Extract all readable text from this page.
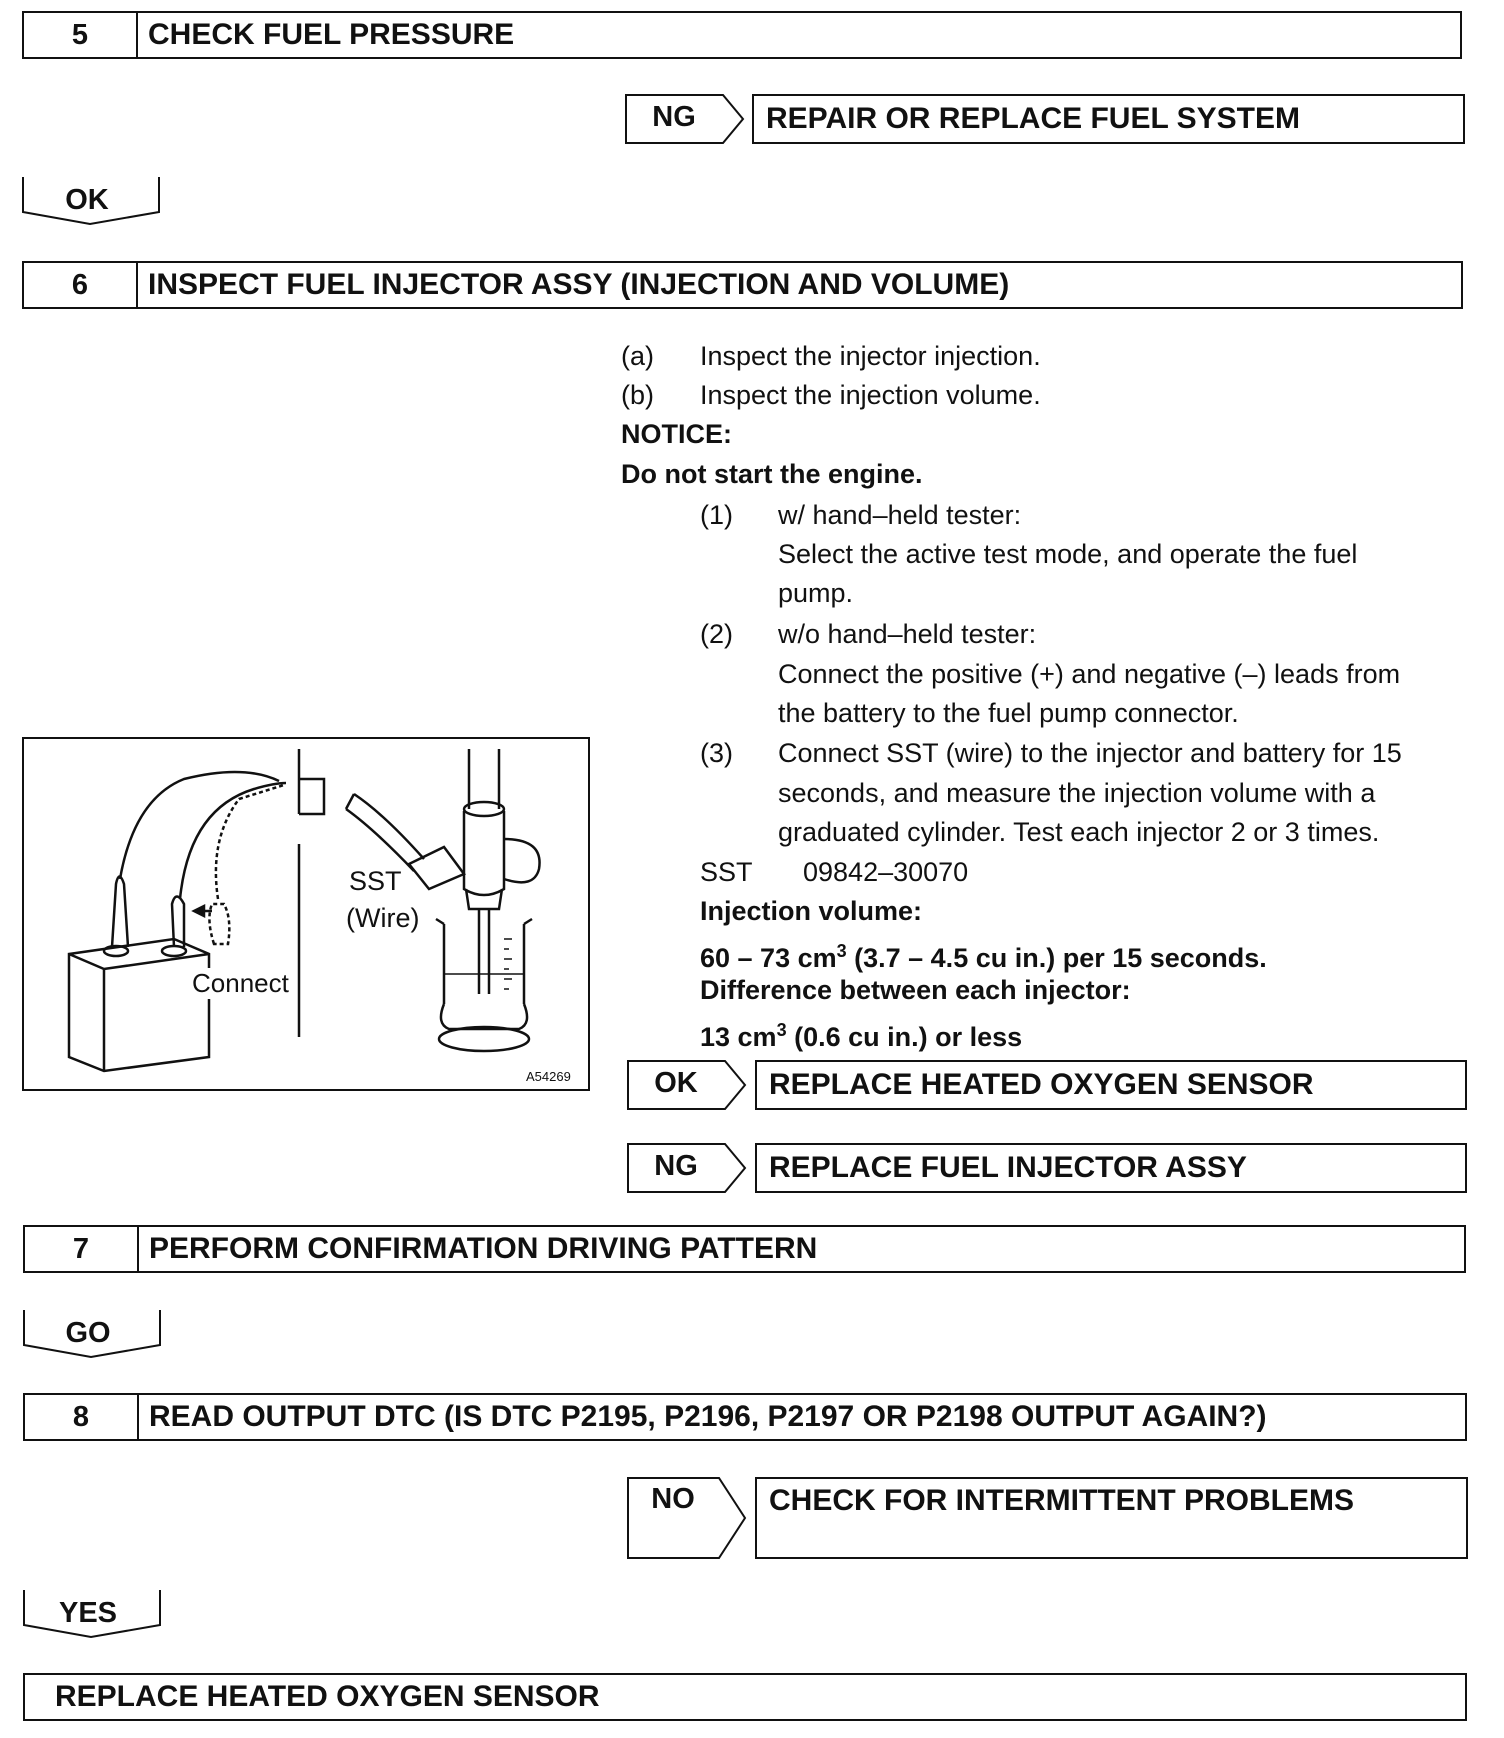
5	CHECK FUEL PRESSURE
NG	REPAIR OR REPLACE FUEL SYSTEM
OK
6	INSPECT FUEL INJECTOR ASSY (INJECTION AND VOLUME)
(a) Inspect the injector injection.
(b) Inspect the injection volume.
NOTICE:
Do not start the engine.
(1) w/ hand–held tester:
Select the active test mode, and operate the fuel
pump.
(2) w/o hand–held tester:
Connect the positive (+) and negative (–) leads from
the battery to the fuel pump connector.
(3) Connect SST (wire) to the injector and battery for 15
seconds, and measure the injection volume with a
graduated cylinder. Test each injector 2 or 3 times.
SST 09842–30070
Injection volume:
60 – 73 $cm^3$ (3.7 – 4.5 cu in.) per 15 seconds.
Difference between each injector:
13 $cm^3$ (0.6 cu in.) or less
SST
(Wire)
Connect
A54269	OK	REPLACE HEATED OXYGEN SENSOR
NG	REPLACE FUEL INJECTOR ASSY
7	PERFORM CONFIRMATION DRIVING PATTERN
GO
8	READ OUTPUT DTC (IS DTC P2195, P2196, P2197 OR P2198 OUTPUT AGAIN?)
NO	CHECK FOR INTERMITTENT PROBLEMS
YES
REPLACE HEATED OXYGEN SENSOR
